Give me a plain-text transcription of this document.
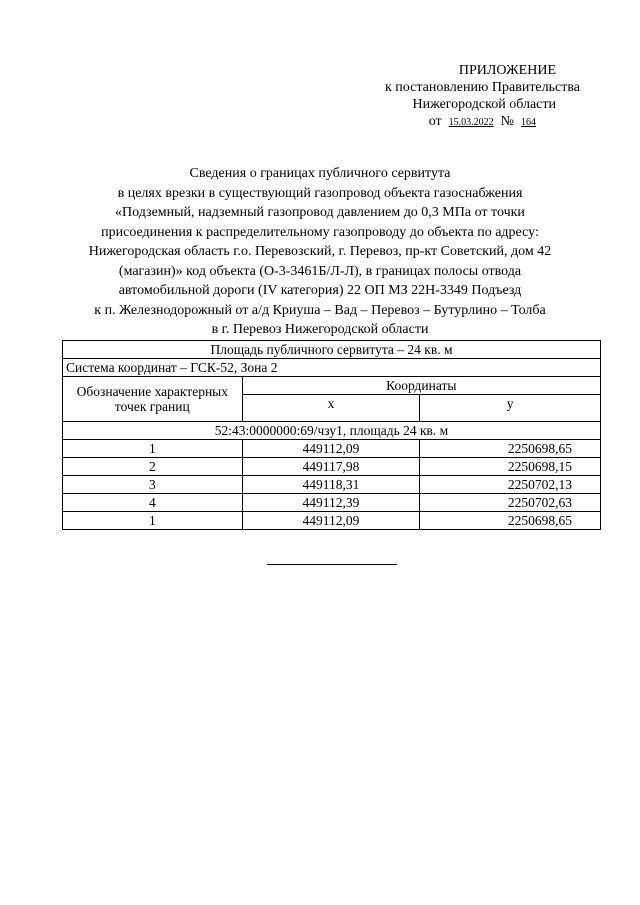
ПРИЛОЖЕНИЕ
к постановлению Правительства
Нижегородской области
от 15.03.2022 № 164
Сведения о границах публичного сервитута
в целях врезки в существующий газопровод объекта газоснабжения
«Подземный, надземный газопровод давлением до 0,3 МПа от точки
присоединения к распределительному газопроводу до объекта по адресу:
Нижегородская область г.о. Перевозский, г. Перевоз, пр-кт Советский, дом 42
(магазин)» код объекта (О-3-3461Б/Л-Л), в границах полосы отвода
автомобильной дороги (IV категория) 22 ОП МЗ 22Н-3349 Подъезд
к п. Железнодорожный от а/д Криуша – Вад – Перевоз – Бутурлино – Толба
в г. Перевоз Нижегородской области
Площадь публичного сервитута – 24 кв. м		
Система координат – ГСК-52, Зона 2		
Обозначение характерных точек границ	Координаты	
	x	y
52:43:0000000:69/чзу1, площадь 24 кв. м		
1	449112,09	2250698,65
2	449117,98	2250698,15
3	449118,31	2250702,13
4	449112,39	2250702,63
1	449112,09	2250698,65
